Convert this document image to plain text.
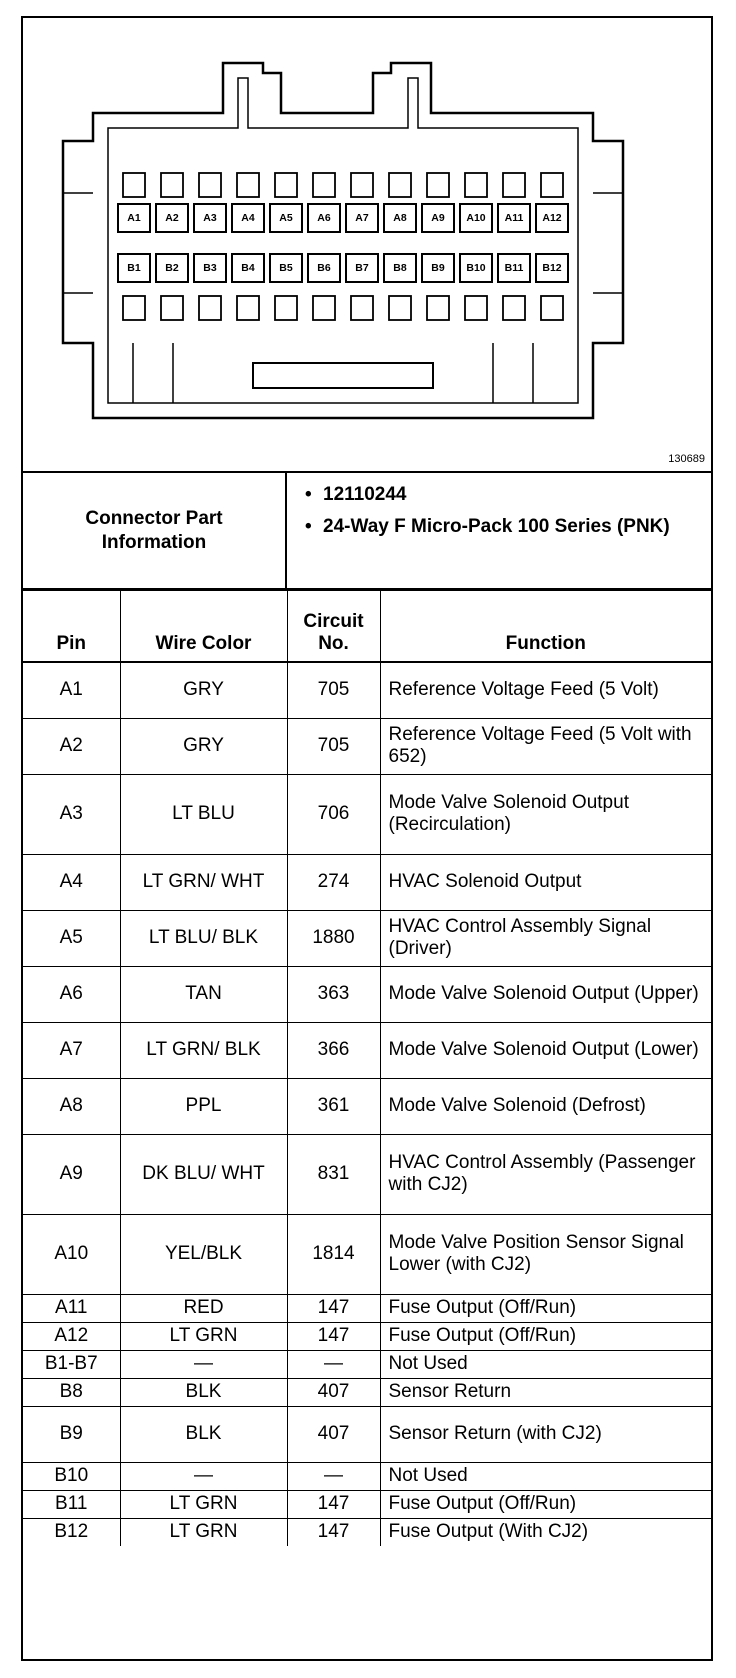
A1 A2 A3 A4 A5 A6 A7 A8 A9 A10 A11 A12
B1 B2 B3 B4 B5 B6 B7 B8 B9 B10 B11 B12
130689
Connector Part Information
• 12110244
• 24-Way F Micro-Pack 100 Series (PNK)
Pin	Wire Color	Circuit No.	Function
A1	GRY	705	Reference Voltage Feed (5 Volt)
A2	GRY	705	Reference Voltage Feed (5 Volt with 652)
A3	LT BLU	706	Mode Valve Solenoid Output (Recirculation)
A4	LT GRN/ WHT	274	HVAC Solenoid Output
A5	LT BLU/ BLK	1880	HVAC Control Assembly Signal (Driver)
A6	TAN	363	Mode Valve Solenoid Output (Upper)
A7	LT GRN/ BLK	366	Mode Valve Solenoid Output (Lower)
A8	PPL	361	Mode Valve Solenoid (Defrost)
A9	DK BLU/ WHT	831	HVAC Control Assembly (Passenger with CJ2)
A10	YEL/BLK	1814	Mode Valve Position Sensor Signal Lower (with CJ2)
A11	RED	147	Fuse Output (Off/Run)
A12	LT GRN	147	Fuse Output (Off/Run)
B1-B7	—	—	Not Used
B8	BLK	407	Sensor Return
B9	BLK	407	Sensor Return (with CJ2)
B10	—	—	Not Used
B11	LT GRN	147	Fuse Output (Off/Run)
B12	LT GRN	147	Fuse Output (With CJ2)
